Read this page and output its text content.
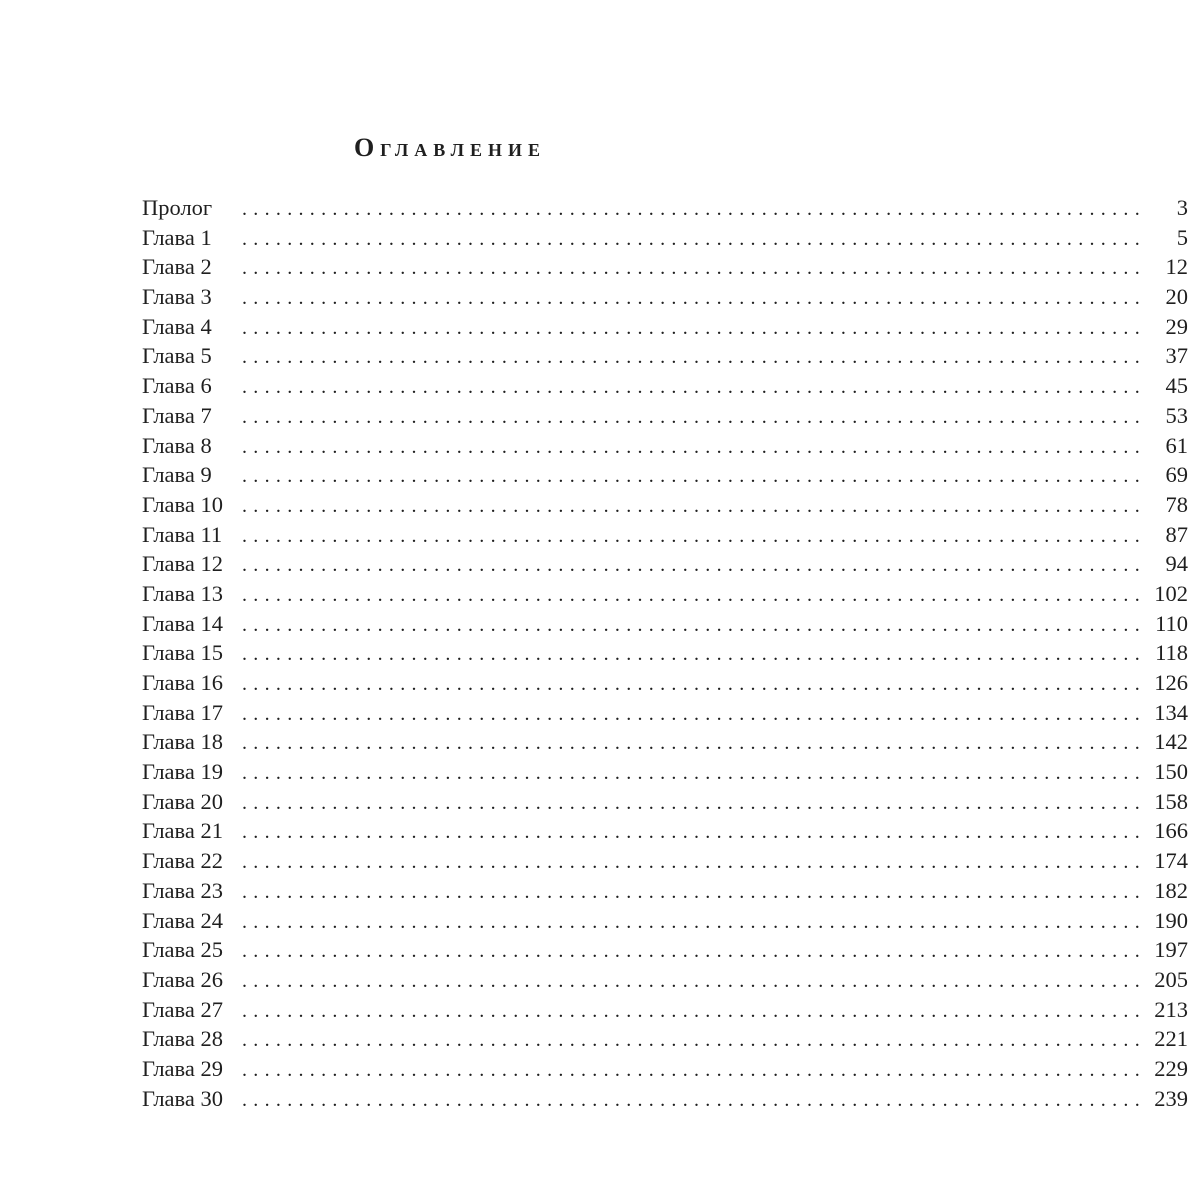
Оглавление
Пролог	................................................................................	3
Глава 1	................................................................................	5
Глава 2	................................................................................ 12
Глава 3	................................................................................ 20
Глава 4	................................................................................ 29
Глава 5	................................................................................ 37
Глава 6	................................................................................ 45
Глава 7	................................................................................ 53
Глава 8	................................................................................ 61
Глава 9	................................................................................ 69
Глава 10 ................................................................................ 78
Глава 11 ................................................................................ 87
Глава 12 ................................................................................ 94
Глава 13 ................................................................................ 102
Глава 14 ................................................................................ 110
Глава 15 ................................................................................ 118
Глава 16 ................................................................................ 126
Глава 17 ................................................................................ 134
Глава 18 ................................................................................ 142
Глава 19 ................................................................................ 150
Глава 20 ................................................................................ 158
Глава 21 ................................................................................ 166
Глава 22 ................................................................................ 174
Глава 23 ................................................................................ 182
Глава 24 ................................................................................ 190
Глава 25 ................................................................................ 197
Глава 26 ................................................................................ 205
Глава 27 ................................................................................ 213
Глава 28 ................................................................................ 221
Глава 29 ................................................................................ 229
Глава 30 ................................................................................ 239
